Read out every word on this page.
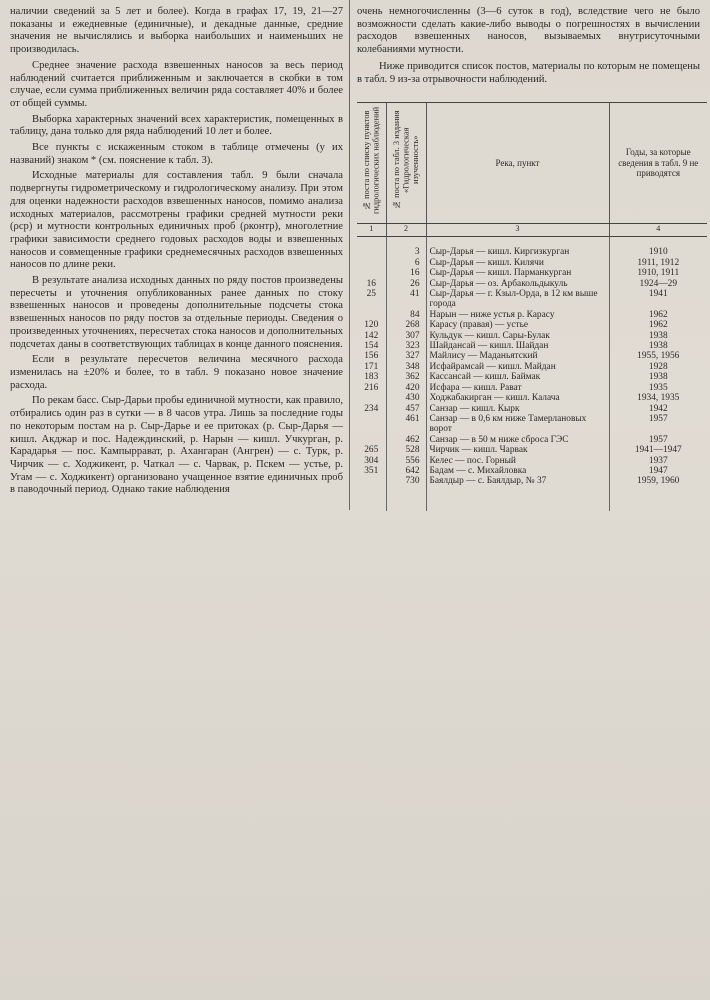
наличии сведений за 5 лет и более). Когда в графах 17, 19, 21—27 показаны и ежедневные (единичные), и декадные данные, средние значения не вычислялись и выборка наибольших и наименьших не производилась.

Среднее значение расхода взвешенных наносов за весь период наблюдений считается приближенным и заключается в скобки в том случае, если сумма приближенных величин ряда составляет 40% и более от общей суммы.

Выборка характерных значений всех характеристик, помещенных в таблицу, дана только для ряда наблюдений 10 лет и более.

Все пункты с искаженным стоком в таблице отмечены (у их названий) знаком * (см. пояснение к табл. 3).

Исходные материалы для составления табл. 9 были сначала подвергнуты гидрометрическому и гидрологическому анализу. При этом для оценки надежности расходов взвешенных наносов, помимо анализа исходных материалов, рассмотрены графики средней мутности реки (ρср) и мутности контрольных единичных проб (ρконтр), многолетние графики зависимости среднего годовых расходов воды и взвешенных наносов и совмещенные графики среднемесячных расходов взвешенных наносов по длине реки.

В результате анализа исходных данных по ряду постов произведены пересчеты и уточнения опубликованных ранее данных по стоку взвешенных наносов и проведены дополнительные подсчеты стока взвешенных наносов по ряду постов за отдельные периоды. Сведения о произведенных уточнениях, пересчетах стока наносов и дополнительных подсчетах даны в соответствующих таблицах в конце данного пояснения.

Если в результате пересчетов величина месячного расхода изменилась на ±20% и более, то в табл. 9 показано новое значение расхода.

По рекам басс. Сыр-Дарьи пробы единичной мутности, как правило, отбирались один раз в сутки — в 8 часов утра. Лишь за последние годы по некоторым постам на р. Сыр-Дарье и ее притоках (р. Сыр-Дарья — кишл. Акджар и пос. Надеждинский, р. Нарын — кишл. Учкурган, р. Карадарья — пос. Кампыррават, р. Ахангаран (Ангрен) — с. Турк, р. Чирчик — с. Ходжикент, р. Чаткал — с. Чарвак, р. Пскем — устье, р. Угам — с. Ходжикент) организовано учащенное взятие единичных проб в паводочный период. Однако такие наблюдения

очень немногочисленны (3—6 суток в год), вследствие чего не было возможности сделать какие-либо выводы о погрешностях в вычислении расходов взвешенных наносов, вызываемых внутрисуточными колебаниями мутности.

Ниже приводится список постов, материалы по которым не помещены в табл. 9 из-за отрывочности наблюдений.

№ поста по списку пунктов гидрологических наблюдений	№ поста по табл. 3 издания «Гидрологическая изученность»	Река, пункт	Годы, за которые сведения в табл. 9 не приводятся
1	2	3	4

	3	Сыр-Дарья — кишл. Киргизкурган	1910
	6	Сыр-Дарья — кишл. Килячи	1911, 1912
	16	Сыр-Дарья — кишл. Парманкурган	1910, 1911
16	26	Сыр-Дарья — оз. Арбакольдыкуль	1924—29
25	41	Сыр-Дарья — г. Кзыл-Орда, в 12 км выше города	1941
	84	Нарын — ниже устья р. Карасу	1962
120	268	Карасу (правая) — устье	1962
142	307	Кульдук — кишл. Сары-Булак	1938
154	323	Шайдансай — кишл. Шайдан	1938
156	327	Майлису — Маданьятский	1955, 1956
171	348	Исфайрамсай — кишл. Майдан	1928
183	362	Кассансай — кишл. Баймак	1938
216	420	Исфара — кишл. Рават	1935
	430	Ходжабакирган — кишл. Калача	1934, 1935
234	457	Санзар — кишл. Кырк	1942
	461	Санзар — в 0,6 км ниже Тамерлановых ворот	1957
	462	Санзар — в 50 м ниже сброса ГЭС	1957
265	528	Чирчик — кишл. Чарвак	1941—1947
304	556	Келес — пос. Горный	1937
351	642	Бадам — с. Михайловка	1947
	730	Баялдыр — с. Баялдыр, № 37	1959, 1960
